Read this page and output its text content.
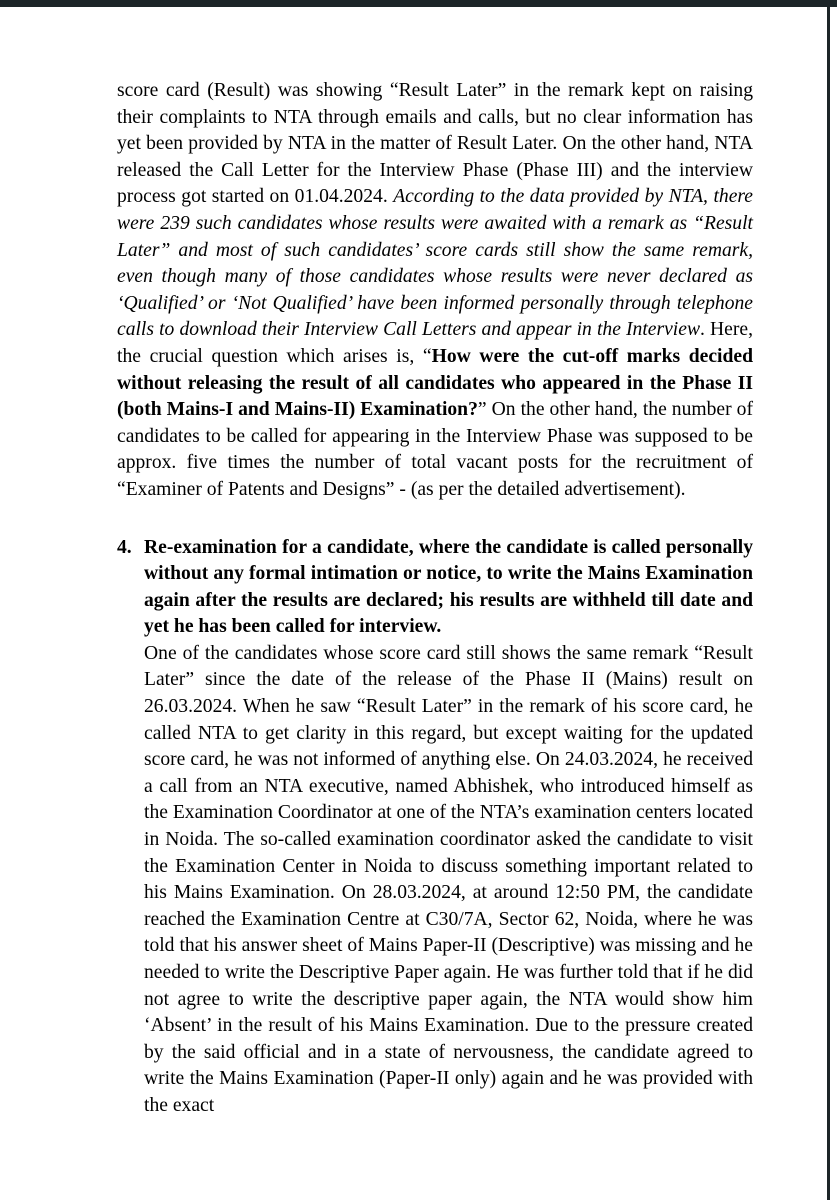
score card (Result) was showing “Result Later” in the remark kept on raising their complaints to NTA through emails and calls, but no clear information has yet been provided by NTA in the matter of Result Later. On the other hand, NTA released the Call Letter for the Interview Phase (Phase III) and the interview process got started on 01.04.2024. According to the data provided by NTA, there were 239 such candidates whose results were awaited with a remark as “Result Later” and most of such candidates’ score cards still show the same remark, even though many of those candidates whose results were never declared as ‘Qualified’ or ‘Not Qualified’ have been informed personally through telephone calls to download their Interview Call Letters and appear in the Interview. Here, the crucial question which arises is, “How were the cut-off marks decided without releasing the result of all candidates who appeared in the Phase II (both Mains-I and Mains-II) Examination?” On the other hand, the number of candidates to be called for appearing in the Interview Phase was supposed to be approx. five times the number of total vacant posts for the recruitment of “Examiner of Patents and Designs” - (as per the detailed advertisement).

4. Re-examination for a candidate, where the candidate is called personally without any formal intimation or notice, to write the Mains Examination again after the results are declared; his results are withheld till date and yet he has been called for interview.

One of the candidates whose score card still shows the same remark “Result Later” since the date of the release of the Phase II (Mains) result on 26.03.2024. When he saw “Result Later” in the remark of his score card, he called NTA to get clarity in this regard, but except waiting for the updated score card, he was not informed of anything else. On 24.03.2024, he received a call from an NTA executive, named Abhishek, who introduced himself as the Examination Coordinator at one of the NTA’s examination centers located in Noida. The so-called examination coordinator asked the candidate to visit the Examination Center in Noida to discuss something important related to his Mains Examination. On 28.03.2024, at around 12:50 PM, the candidate reached the Examination Centre at C30/7A, Sector 62, Noida, where he was told that his answer sheet of Mains Paper-II (Descriptive) was missing and he needed to write the Descriptive Paper again. He was further told that if he did not agree to write the descriptive paper again, the NTA would show him ‘Absent’ in the result of his Mains Examination. Due to the pressure created by the said official and in a state of nervousness, the candidate agreed to write the Mains Examination (Paper-II only) again and he was provided with the exact
